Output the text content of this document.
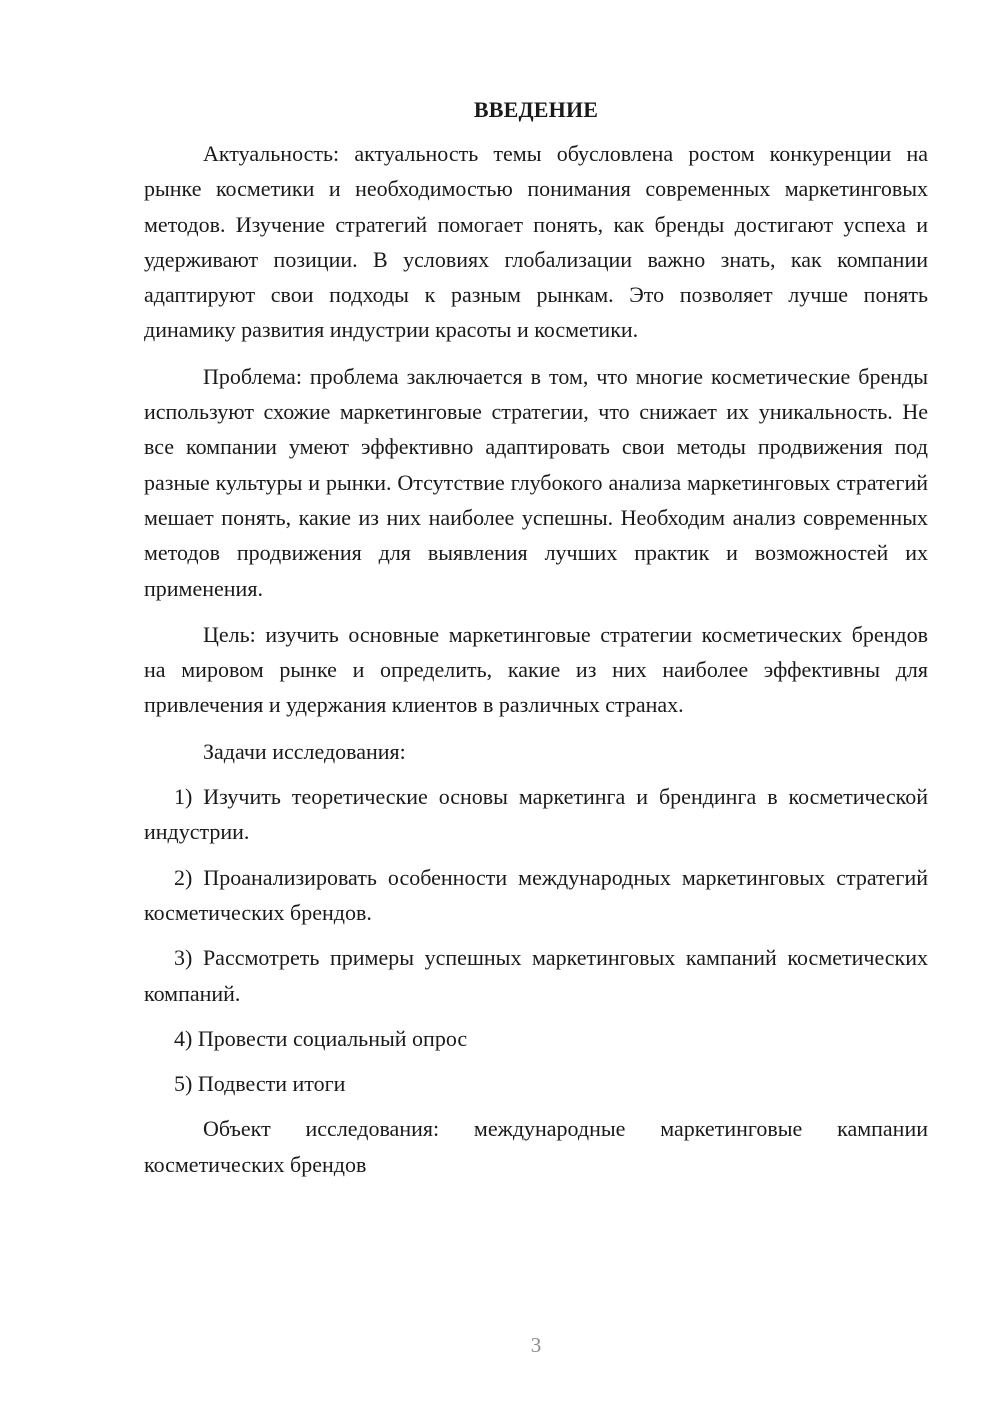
ВВЕДЕНИЕ

Актуальность: актуальность темы обусловлена ростом конкуренции на рынке косметики и необходимостью понимания современных маркетинговых методов. Изучение стратегий помогает понять, как бренды достигают успеха и удерживают позиции. В условиях глобализации важно знать, как компании адаптируют свои подходы к разным рынкам. Это позволяет лучше понять динамику развития индустрии красоты и косметики.

Проблема: проблема заключается в том, что многие косметические бренды используют схожие маркетинговые стратегии, что снижает их уникальность. Не все компании умеют эффективно адаптировать свои методы продвижения под разные культуры и рынки. Отсутствие глубокого анализа маркетинговых стратегий мешает понять, какие из них наиболее успешны. Необходим анализ современных методов продвижения для выявления лучших практик и возможностей их применения.

Цель: изучить основные маркетинговые стратегии косметических брендов на мировом рынке и определить, какие из них наиболее эффективны для привлечения и удержания клиентов в различных странах.

Задачи исследования:

1) Изучить теоретические основы маркетинга и брендинга в косметической индустрии.

2) Проанализировать особенности международных маркетинговых стратегий косметических брендов.

3) Рассмотреть примеры успешных маркетинговых кампаний косметических компаний.

4) Провести социальный опрос

5) Подвести итоги

Объект исследования: международные маркетинговые кампании косметических брендов

3
